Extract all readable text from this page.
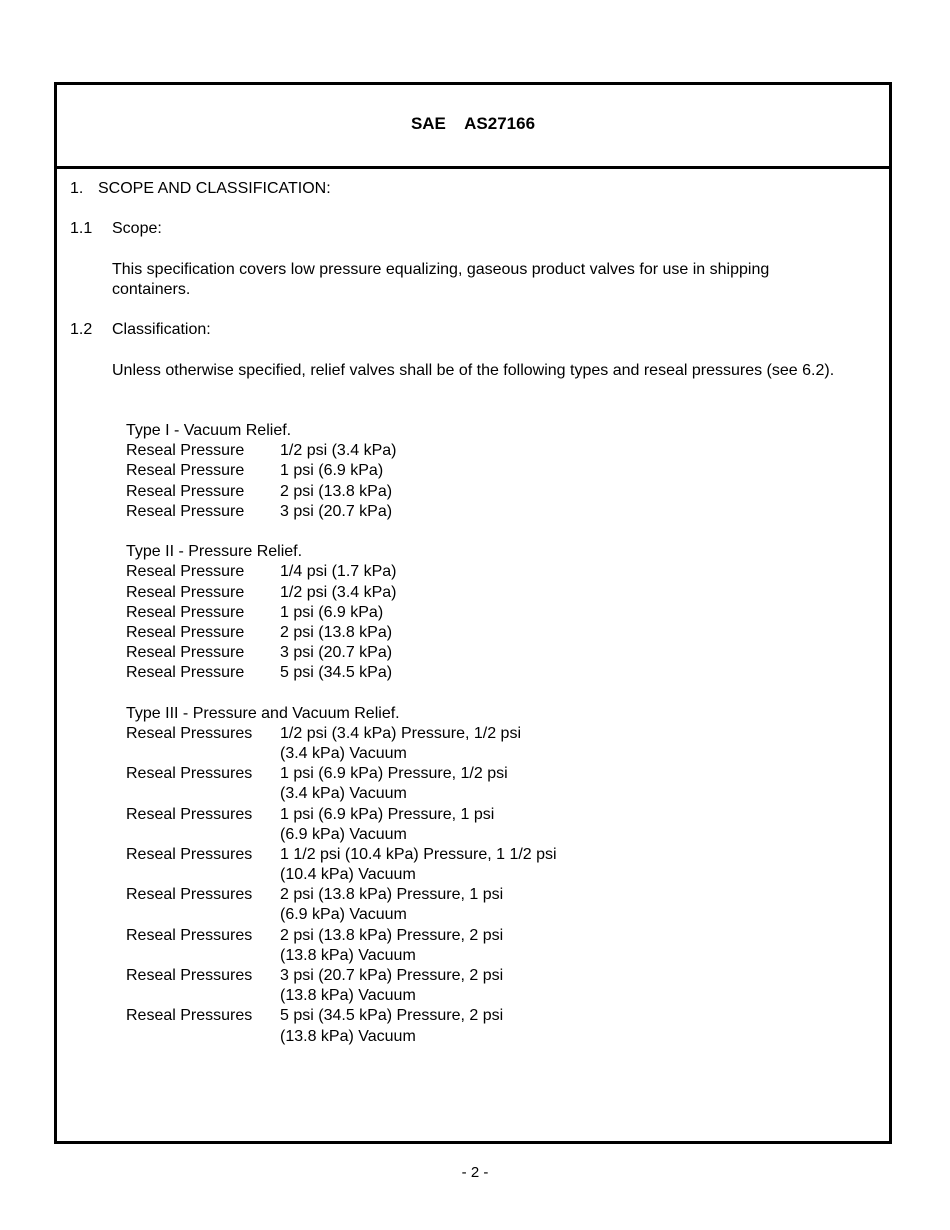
SAE    AS27166
1. SCOPE AND CLASSIFICATION:
1.1 Scope:
This specification covers low pressure equalizing, gaseous product valves for use in shipping containers.
1.2 Classification:
Unless otherwise specified, relief valves shall be of the following types and reseal pressures (see 6.2).
Type I - Vacuum Relief.
Reseal Pressure 1/2 psi (3.4 kPa)
Reseal Pressure 1 psi (6.9 kPa)
Reseal Pressure 2 psi (13.8 kPa)
Reseal Pressure 3 psi (20.7 kPa)
Type II - Pressure Relief.
Reseal Pressure 1/4 psi (1.7 kPa)
Reseal Pressure 1/2 psi (3.4 kPa)
Reseal Pressure 1 psi (6.9 kPa)
Reseal Pressure 2 psi (13.8 kPa)
Reseal Pressure 3 psi (20.7 kPa)
Reseal Pressure 5 psi (34.5 kPa)
Type III - Pressure and Vacuum Relief.
Reseal Pressures 1/2 psi (3.4 kPa) Pressure, 1/2 psi
(3.4 kPa) Vacuum
Reseal Pressures 1 psi (6.9 kPa) Pressure, 1/2 psi
(3.4 kPa) Vacuum
Reseal Pressures 1 psi (6.9 kPa) Pressure, 1 psi
(6.9 kPa) Vacuum
Reseal Pressures 1 1/2 psi (10.4 kPa) Pressure, 1 1/2 psi
(10.4 kPa) Vacuum
Reseal Pressures 2 psi (13.8 kPa) Pressure, 1 psi
(6.9 kPa) Vacuum
Reseal Pressures 2 psi (13.8 kPa) Pressure, 2 psi
(13.8 kPa) Vacuum
Reseal Pressures 3 psi (20.7 kPa) Pressure, 2 psi
(13.8 kPa) Vacuum
Reseal Pressures 5 psi (34.5 kPa) Pressure, 2 psi
(13.8 kPa) Vacuum
- 2 -
